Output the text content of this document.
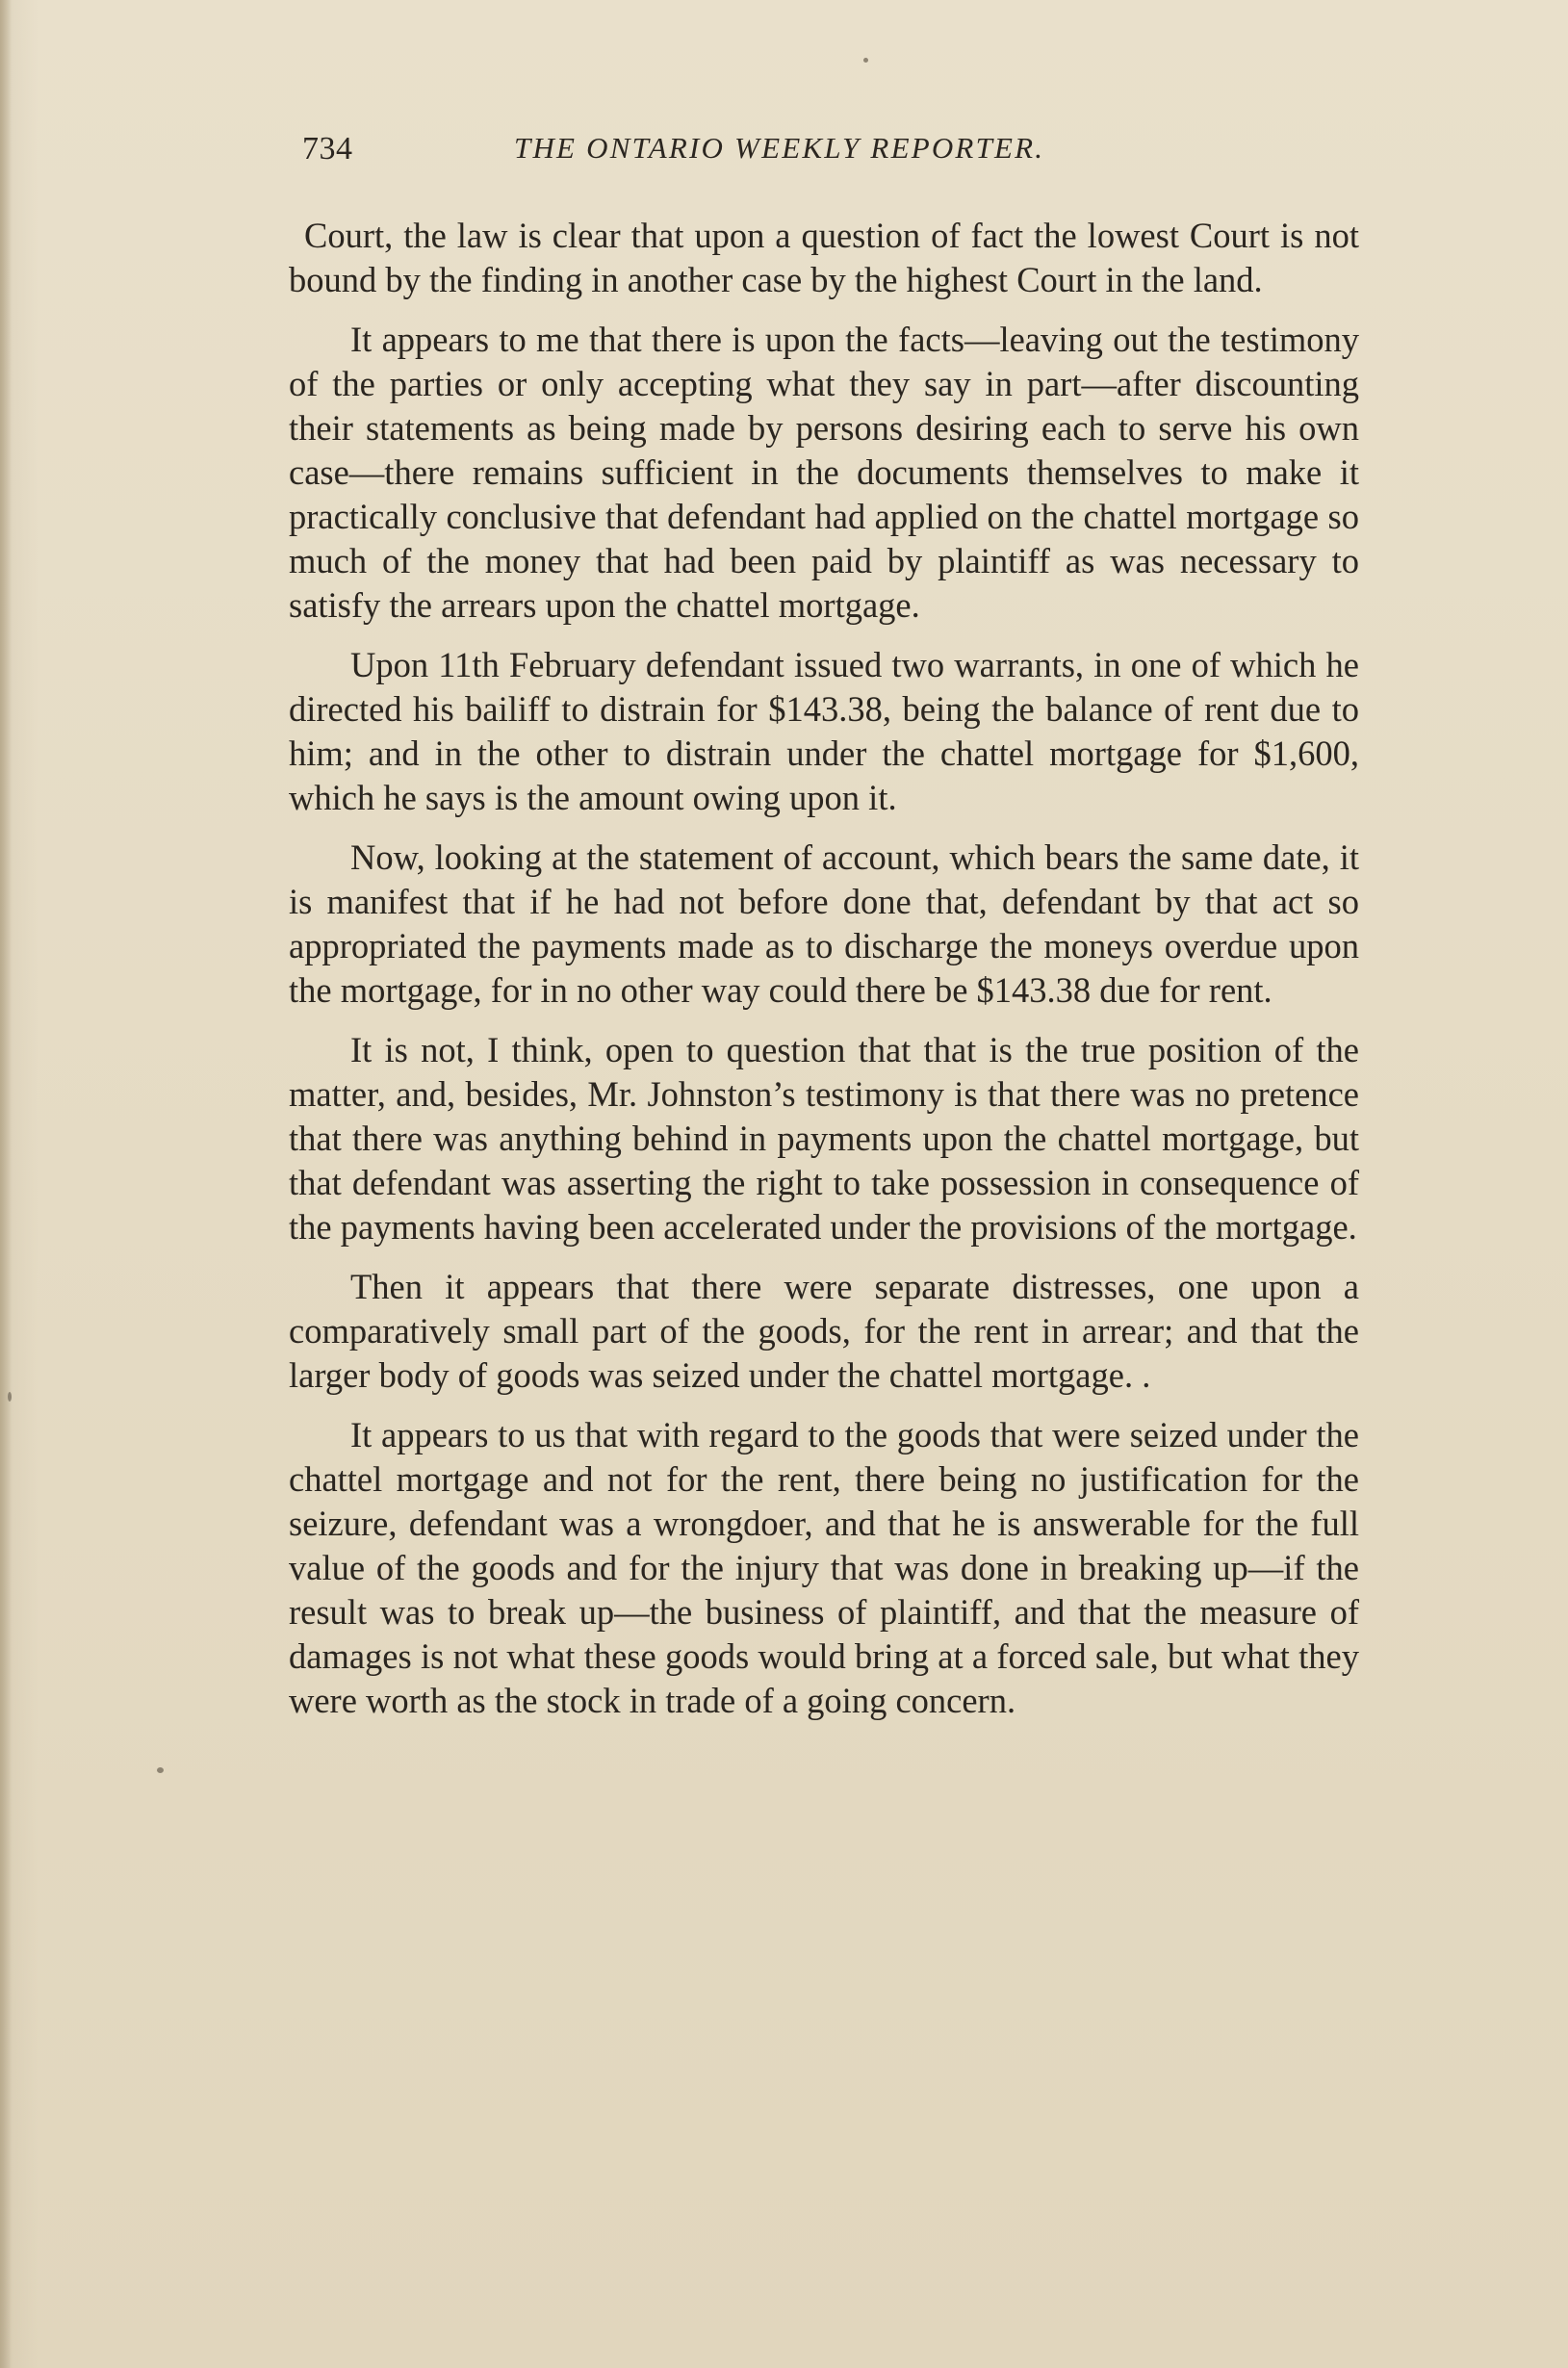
734	THE ONTARIO WEEKLY REPORTER.

Court, the law is clear that upon a question of fact the lowest Court is not bound by the finding in another case by the highest Court in the land.

It appears to me that there is upon the facts—leaving out the testimony of the parties or only accepting what they say in part—after discounting their statements as being made by persons desiring each to serve his own case—there remains sufficient in the documents themselves to make it practically conclusive that defendant had applied on the chattel mortgage so much of the money that had been paid by plaintiff as was necessary to satisfy the arrears upon the chattel mortgage.

Upon 11th February defendant issued two warrants, in one of which he directed his bailiff to distrain for $143.38, being the balance of rent due to him; and in the other to distrain under the chattel mortgage for $1,600, which he says is the amount owing upon it.

Now, looking at the statement of account, which bears the same date, it is manifest that if he had not before done that, defendant by that act so appropriated the payments made as to discharge the moneys overdue upon the mortgage, for in no other way could there be $143.38 due for rent.

It is not, I think, open to question that that is the true position of the matter, and, besides, Mr. Johnston’s testimony is that there was no pretence that there was anything behind in payments upon the chattel mortgage, but that defendant was asserting the right to take possession in consequence of the payments having been accelerated under the provisions of the mortgage.

Then it appears that there were separate distresses, one upon a comparatively small part of the goods, for the rent in arrear; and that the larger body of goods was seized under the chattel mortgage. .

It appears to us that with regard to the goods that were seized under the chattel mortgage and not for the rent, there being no justification for the seizure, defendant was a wrongdoer, and that he is answerable for the full value of the goods and for the injury that was done in breaking up—if the result was to break up—the business of plaintiff, and that the measure of damages is not what these goods would bring at a forced sale, but what they were worth as the stock in trade of a going concern.
